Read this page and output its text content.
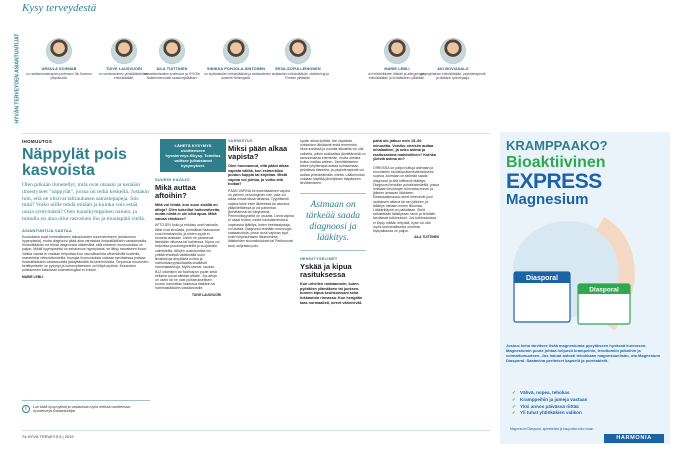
Kysy terveydestä
HYVÄN TERVEYDEN ASIANTUNTIJAT	URSULA SCHWAB
on ravitsemusterapian professori Itä-Suomen yliopistosta.
TUIVE LAUSVUORI
on vanhustoimen yleislääketieteen erikoislääkäri.
AILA TUITTINEN
on naistentautien professori ja HYKSin Naistenneuvolan osastonylilääkäri.
SINIKKA POHJOLA-SINTONEN
on sydäntautien erikoislääkäri ja sisätautien dosentti Helsingistä.
EEVA-SOFIA LEINONEN
on sisätautien erikoislääkäri, diabetologi ja Fimean ylilääkäri.
MARIE LEBLI
on helsinkiläinen lääkäri ja allergologian erikoislääkäri ja Iholääkärien ylilääkäri.
AKI BOVIASALO
on psykiatrian erikoislääkäri, psykoterapeutti ja lääkärin työnohjaaja.
IHOMUUTOS
Näppylät pois kasvoista
Olen pitkään ihmetellyt, mitä ovat otsaani ja nenääni ilmestyneet "näppylät", joissa on reikä keskellä. Jostakin luin, että ne olisivat talirauhasen sairastepapeja. Siis mitä? Voiko niille tehdä mitään ja kuinka vois estää uusia syntymästä? Olen kuusikymppinen nainen, ja minulla on aina ollut rasvainen iho ja muutapätä viellä.
ASIANTUNTIJA VASTAA
Kuvauksesi sopii enimmäkseen talirauhasten suurenemiseen (sebaceous hyperplasia), mutta diagnoosi pitää aina varmistaa ihotautilääkärin vastaanotolla. Ihotautilääkäri voi tehdä diagnoosia näkemättä, sillä erikseen ihomuutoksia on paljon. Mikäli kyymykseksi on sebaceous hyperplasia, se liittyy rasvaiseen ihoon. Vaikka vaivaa ei voidaan helpottaa ihon rasvoittumista vähentävillä tuotteilla, esimerkiksi retinoidivoideilla. Isompia ihomuutoksia voidaan tarvittaessa poistaa ihotautilääkärin vastaanotolla jäädyttämällä tai laserhoidolla. Tarpumus muutosten kehittymiselle on pysynyt ja toimenpiteeseen voi liittyä arpirisk. Muutosten poistaminen katsotaan kosmetologiksi ei ennisti.
MARIE LEBLI
i	Lue lisää kysymyksiä ja vastauksia myös netissä osoitteessa: hyvaterveys.fi/asiantuntijat
LÄHETÄ KYSYMYS osoitteeseen hyvaterveys.fi/kysy. Toimitus valitsee julkaistavat kysymykset.
SUURIN KAVAJO
Mikä auttaa aftoihin?
Mitä voi tehdä, kun suun sisällä on aftoja? Olen kokeillut hoitovoiteeita, mutta niistä ei ole ollut apua. Mikä vaivaa ehkäisee?
AFTOJEN hoito ja ehkäisy ovat hankalia. Aftat ovat kivuliaita, pinnallisia haavaumia suun limakalvolla, ja niiden syytä ei tunneta tarkkaan. Usein ne paranevat itsestään viikossa tai kahdessa. Kipua voi helpottaa puudutegeeleillä ja suojaavilla valmisteilla. Aftojen uusiutumista voi yrittää ehkäistä välttämällä suun limakalvoja ärsyttäviä ruokia ja natriumlauryylisulfaattia sisältäviä hammastahnoja. Myös stressi, raudan, B12-vitamiinin tai foolihapon puute sekä keliakia voivat altistaa aftoille. Jos aftoja on usein tai ne ovat poikkeuksellisen suuria, kannattaa hakeutua lääkärin tai hammaslääkärin vastaanotolle.
TUIVE LAUSVUORI
VARMISTUS
Miksi pään alkaa vapista?
Olen huomannut, että pääni alkaa vapista välillä, kun esimerkiksi juodun kuppia tai kirjoitan. Mistä vapina voi johtua, ja voiko sitä hoitaa?
PÄÄN VAPINA eli essentiaalinen vapina on yleinen neurologinen oire, joka voi alkaa missä iässä tahansa. Tyypillisesti vapina tulee esiin liikkeessä tai asentoa ylläpidettäessä ja voi pahentua jännittäessä tai väsyneenä. Perinnöllisyydellä on osuutta. Lievä vapina ei vaadi hoitoa, mutta hankalammassa vapinassa lääkitys, kuten beetasalpaaja, voi auttaa. Diagnoosi tehdään neurologin vastaanotolla, jossa muut vapinan syyt, kuten kilpirauhasen liikatoiminta, lääkkeiden sivuvaikutukset tai Parkinsonin tauti, suljetaan pois.
sydän alkaa lyöttää, kisi vapisteta lorkkeiden liikuttavat enttä enemmän. Nuoruusiässä ja nuorilla aikuisilla voi olla vaiheita, joiloin sosiaalisia jännittämistä on tavanomaista enemmän, mutta oireista koituu haittaa arkeen. Jännittämiseen tekee lyhytterapia auttaa kohtaamaan pelottavia tilanteita, ja psykoterapeutti voi auttaa ymmärtämään oireita. Lääkehoitoa voidaan käyttää jännityksen tilapäiseen lievittämiseen.
Astmaan on tärkeää saada diagnoosi ja lääkitys.
HENGITYSELIMET
Yskää ja kipua rasituksessa
Kun urheilen raskaammin, kuten pyöräilen ylämäkeen tai juoksen, tunnen kipua keuhkoissani sekä tukkautuin rinnassa. Kun hengitän taas normaalisti, oireet vähenevät.
paha olo jatkuu noin 15–60 minuuttia. Voisiko oireisiin auttaa inhalaattori, ja onko astma ja rasitusastma mahdollinen? Kuinka yleistä astma on?
OIREISSA on paljon tuttuja astmaan ja krooniseen keuhkoputkentulehdukseen sopivia. Astmaan on tärkeää saada diagnoosi ja sitä hillitsevä lääkitys. Diagnoosi tehdään puhallustesteillä, joissa mitataan keuhkojen toimintaa ennen ja jälkeen avaavan lääkkeen. Rasitusastmassa oireet ilmenevät juuri rasituksen aikana tai sen jälkeen, ja lääkitys otetaan ennen liikuntaa. Lääkärikäynti on paikallaan. Sielä tarkistetaan lääkityksen tarve ja tehdään tarvittavat tutkimukset. Jos tutkimuksissa ei löydy mitään erityistä, kyse voi olla myös toiminnallisesta oireesta. Nykyaikanaa on paljon.
AILA TUITTINEN
74 HYVÄ TERVEYS 5 | 2019
KRAMPPAAKO?
Bioaktiivinen
EXPRESS
Magnesium
Diasporal
Diasporal
Joskus keho tarvitsee lisää magnesiumia pysyäkseen hyvässä kunnossa. Magnesiumin puute johtaa helposti krampeihin, levottomiin jalkoihin ja voimattomuuteen. Jos haluat aidosti tehokkaan magnesiumlisän, ota Magnesium Diasporal. Saatavina periteiset kapselit ja poretabletit.
✓ Vähvä, nopea, tehokas
✓ Kramppeihin ja jumeja vastaan
✓ Yksi annos päivässä riittää
✓ Yli tuhat yhtiökäkien valikon
Magnesium Diasporal, apteekeista ja kaupoista koko maan.
HARMONIA
